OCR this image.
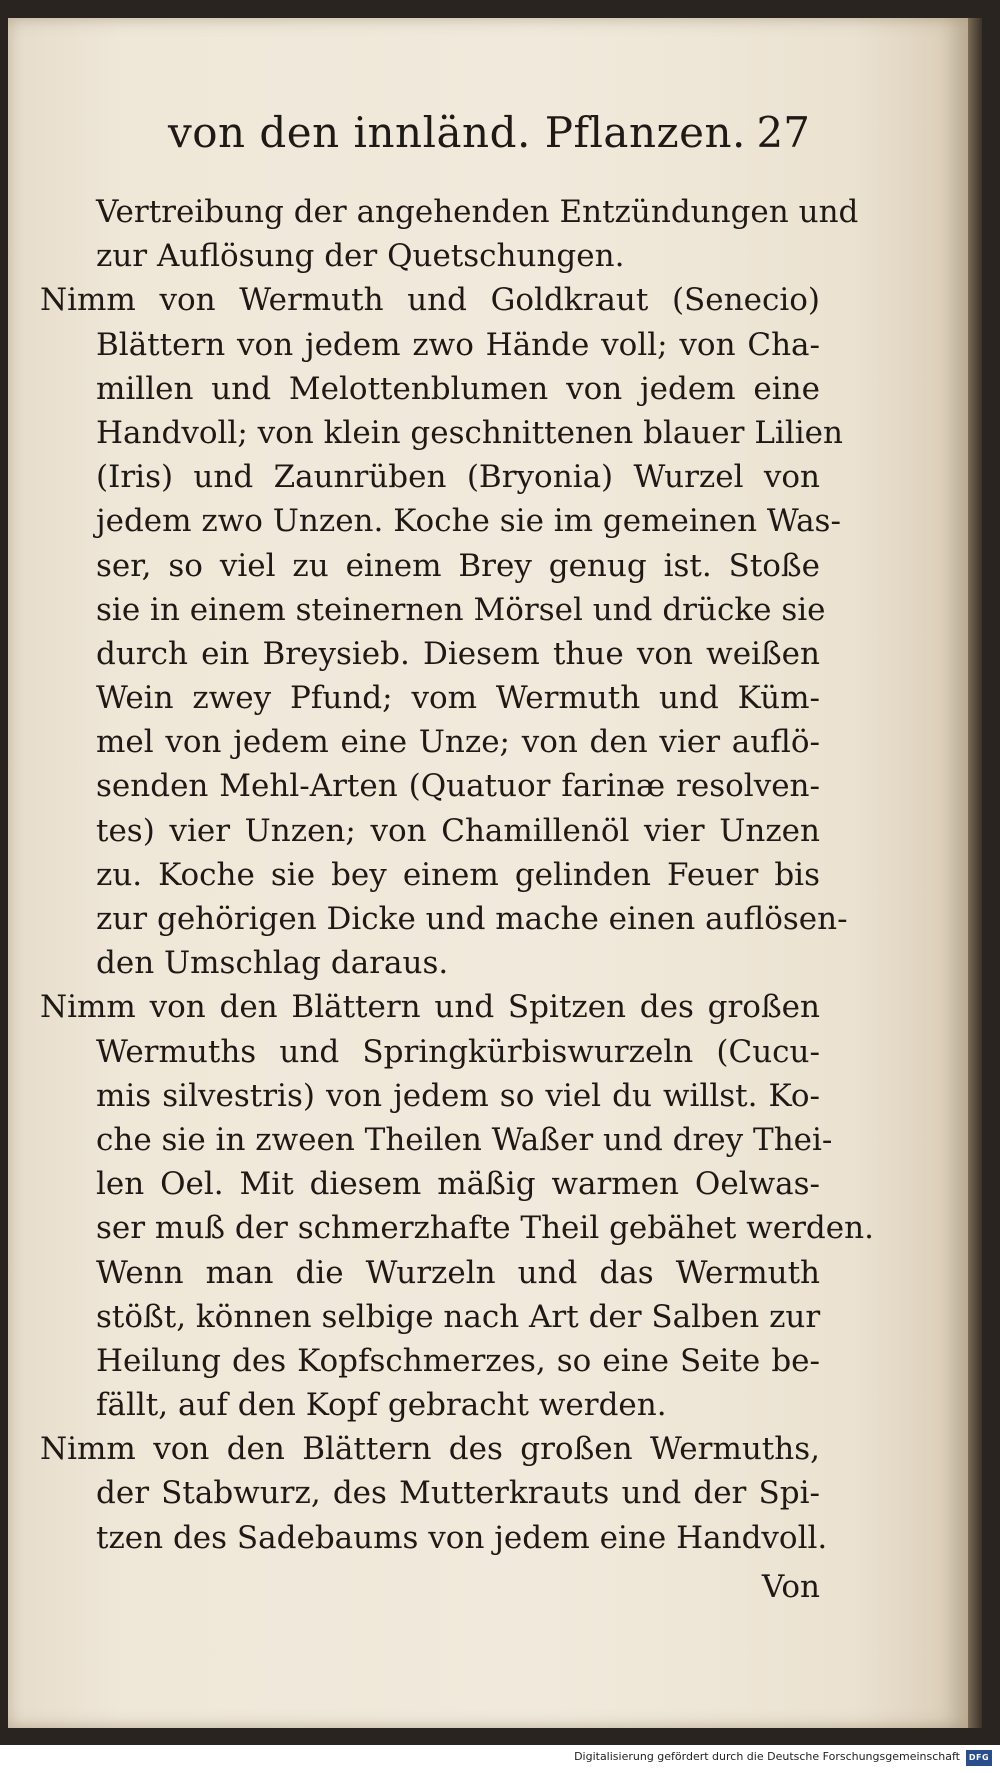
von den innländ. Pflanzen. 27
Vertreibung der angehenden Entzündungen und
zur Auflösung der Quetschungen.
Nimm von Wermuth und Goldkraut (Senecio)
Blättern von jedem zwo Hände voll; von Cha-
millen und Melottenblumen von jedem eine
Handvoll; von klein geschnittenen blauer Lilien
(Iris) und Zaunrüben (Bryonia) Wurzel von
jedem zwo Unzen. Koche sie im gemeinen Was-
ser, so viel zu einem Brey genug ist. Stoße
sie in einem steinernen Mörsel und drücke sie
durch ein Breysieb. Diesem thue von weißen
Wein zwey Pfund; vom Wermuth und Küm-
mel von jedem eine Unze; von den vier auflö-
senden Mehl-Arten (Quatuor farinæ resolven-
tes) vier Unzen; von Chamillenöl vier Unzen
zu. Koche sie bey einem gelinden Feuer bis
zur gehörigen Dicke und mache einen auflösen-
den Umschlag daraus.
Nimm von den Blättern und Spitzen des großen
Wermuths und Springkürbiswurzeln (Cucu-
mis silvestris) von jedem so viel du willst. Ko-
che sie in zween Theilen Waßer und drey Thei-
len Oel. Mit diesem mäßig warmen Oelwas-
ser muß der schmerzhafte Theil gebähet werden.
Wenn man die Wurzeln und das Wermuth
stößt, können selbige nach Art der Salben zur
Heilung des Kopfschmerzes, so eine Seite be-
fällt, auf den Kopf gebracht werden.
Nimm von den Blättern des großen Wermuths,
der Stabwurz, des Mutterkrauts und der Spi-
tzen des Sadebaums von jedem eine Handvoll.
Von
Digitalisierung gefördert durch die Deutsche Forschungsgemeinschaft	DFG
